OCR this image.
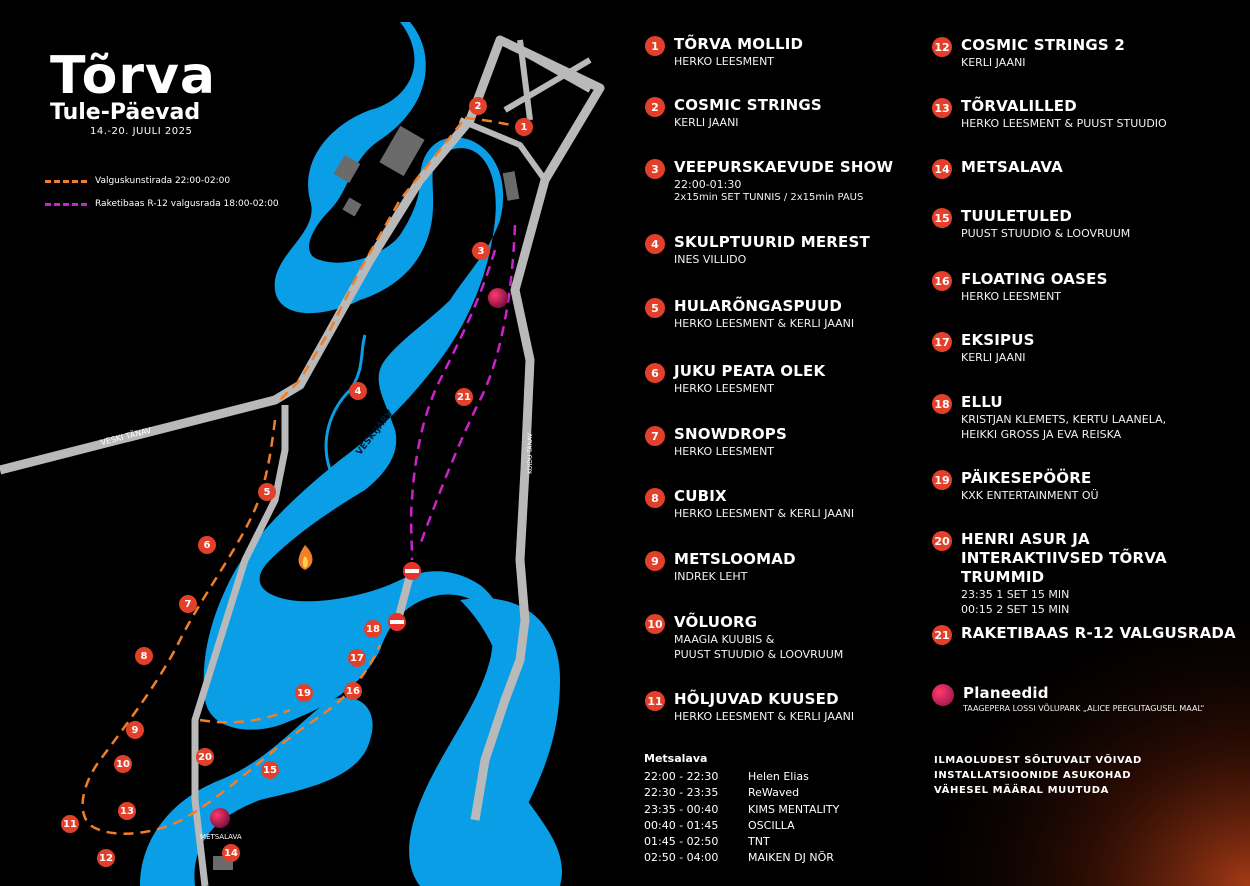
VESKI TÄNAV	KOIDU TÄNAV
VESKIJÄRV
METSALAVA
1
2
3
4
5
6
7
8
9
10
11
12
13
14
15
16
17
18
19
20
21
Tõrva
Tule-Päevad
14.-20. JUULI 2025
Valguskunstirada 22:00-02:00
Raketibaas R-12 valgusrada 18:00-02:00
1	TÕRVA MOLLID
HERKO LEESMENT
2	COSMIC STRINGS
KERLI JAANI
3	VEEPURSKAEVUDE SHOW
22:00-01:30
2x15min SET TUNNIS / 2x15min PAUS
4	SKULPTUURID MEREST
INES VILLIDO
5	HULARÕNGASPUUD
HERKO LEESMENT & KERLI JAANI
6	JUKU PEATA OLEK
HERKO LEESMENT
7	SNOWDROPS
HERKO LEESMENT
8	CUBIX
HERKO LEESMENT & KERLI JAANI
9	METSLOOMAD
INDREK LEHT
10 VÕLUORG
MAAGIA KUUBIS &
PUUST STUUDIO & LOOVRUUM
11 HÕLJUVAD KUUSED
HERKO LEESMENT & KERLI JAANI
12 COSMIC STRINGS 2
KERLI JAANI
13 TÕRVALILLED
HERKO LEESMENT & PUUST STUUDIO
14 METSALAVA
15 TUULETULED
PUUST STUUDIO & LOOVRUUM
16 FLOATING OASES
HERKO LEESMENT
17 EKSIPUS
KERLI JAANI
18 ELLU
KRISTJAN KLEMETS, KERTU LAANELA,
HEIKKI GROSS JA EVA REISKA
19 PÄIKESEPÖÖRE
KXK ENTERTAINMENT OÜ
20 HENRI ASUR JA
INTERAKTIIVSED TÕRVA TRUMMID
23:35 1 SET 15 MIN
00:15 2 SET 15 MIN
21 RAKETIBAAS R-12 VALGUSRADA
Planeedid
TAAGEPERA LOSSI VÕLUPARK „ALICE PEEGLITAGUSEL MAAL“
Metsalava
22:00 - 22:30	Helen Elias
22:30 - 23:35	ReWaved
23:35 - 00:40	KIMS MENTALITY
00:40 - 01:45	OSCILLA
01:45 - 02:50	TNT
02:50 - 04:00	MAIKEN DJ NÕR
ILMAOLUDEST SÕLTUVALT VÕIVAD
INSTALLATSIOONIDE ASUKOHAD
VÄHESEL MÄÄRAL MUUTUDA
